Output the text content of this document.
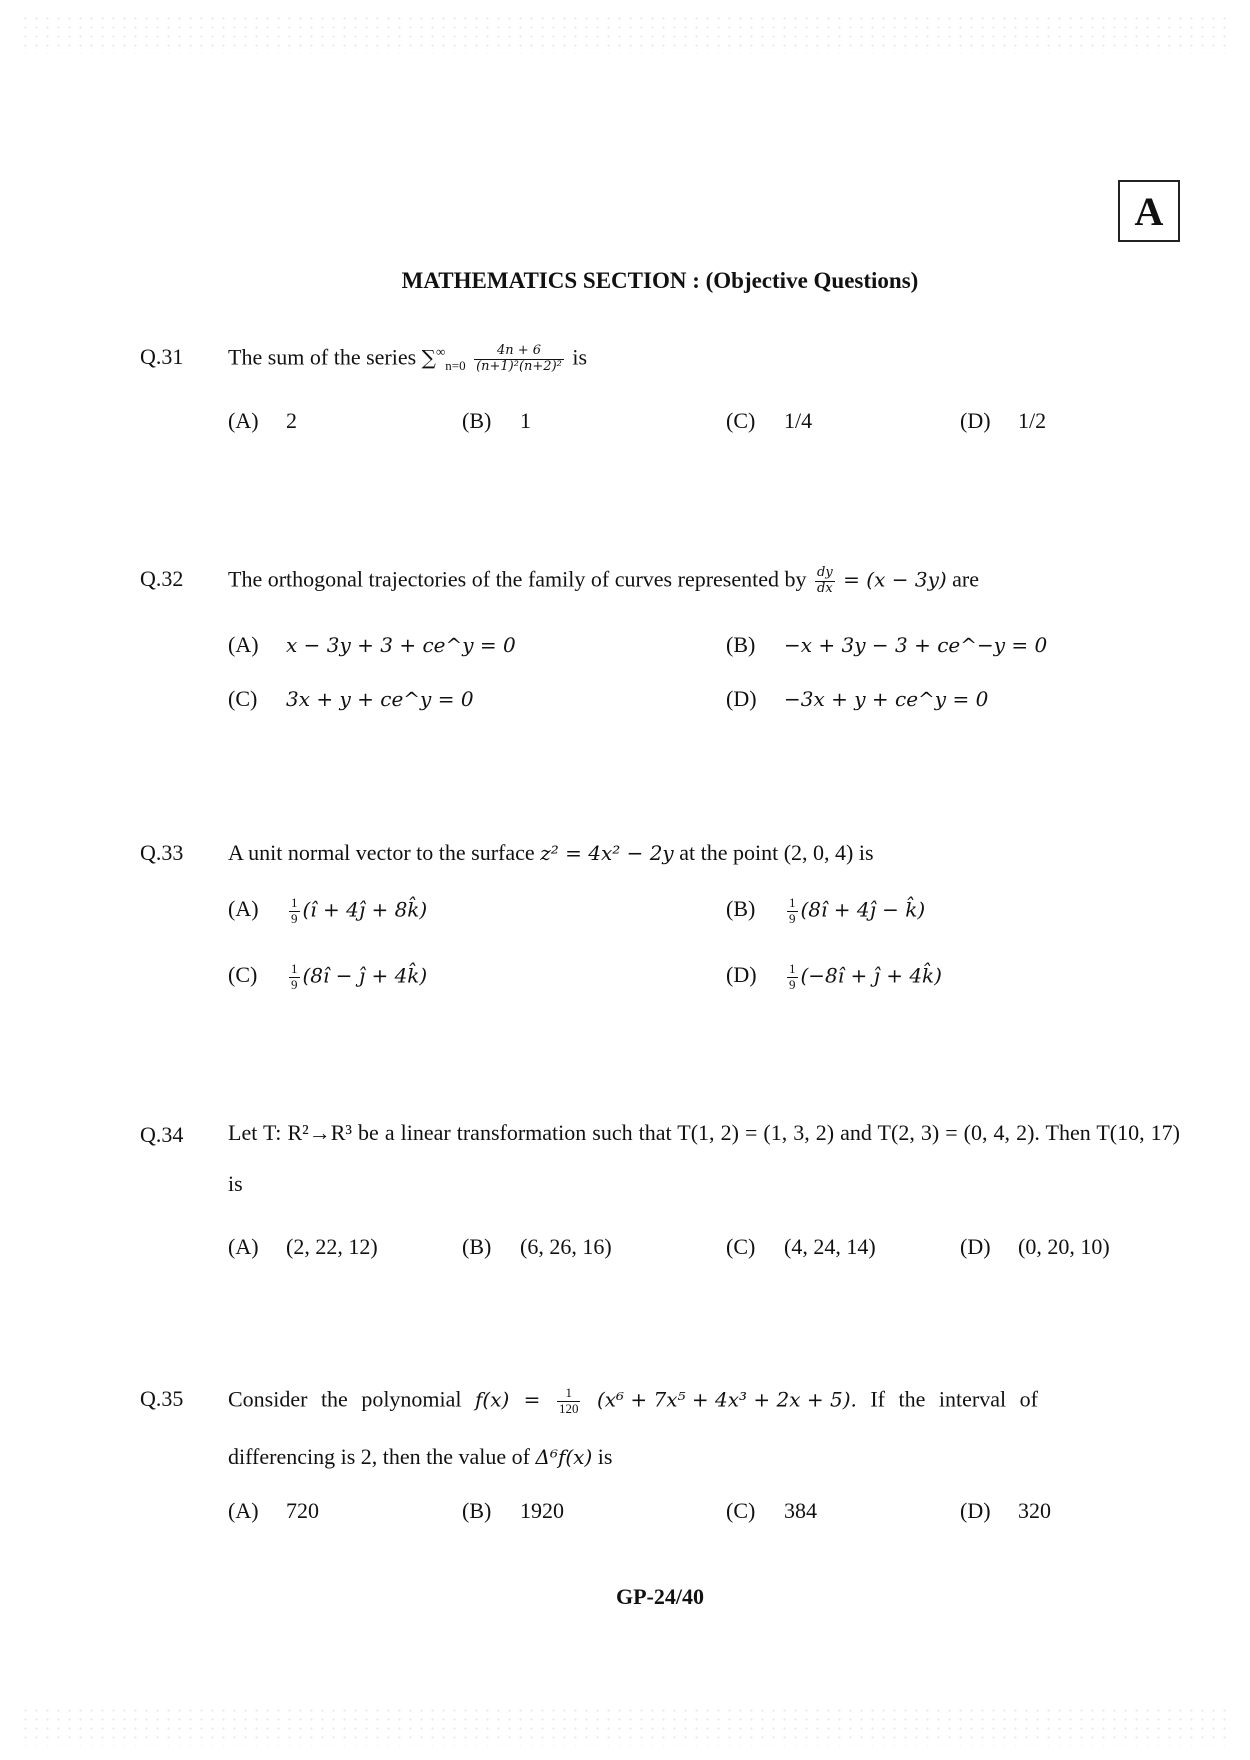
A
MATHEMATICS SECTION : (Objective Questions)
Q.31 The sum of the series $\sum^\infty_{n=0} \frac{4n + 6}{\text{(n+1)²(n+2)²}}$ is
(A) 2	(B) 1	(C) 1/4	(D) 1/2
Q.32 The orthogonal trajectories of the family of curves represented by $\frac{dy}{dx} = (x - 3y)$ are
(A) x − 3y + 3 + ce^y = 0	(B) −x + 3y − 3 + ce^−y = 0
(C) 3x + y + ce^y = 0	(D) −3x + y + ce^y = 0
Q.33 A unit normal vector to the surface z² = 4x² − 2y at the point (2, 0, 4) is
$(A) \frac{1}{9}$ (î + 4ĵ + 8k̂)	$(B) \frac{1}{9}$ (8î + 4ĵ − k̂)
$(C) \frac{1}{9}$ (8î − ĵ + 4k̂)	$(D) \frac{1}{9}$ (−8î + ĵ + 4k̂)
Q.34 Let T: R²→R³ be a linear transformation such that T(1, 2) = (1, 3, 2) and T(2, 3) = (0, 4, 2). Then T(10, 17) is
(A) (2, 22, 12)	(B) (6, 26, 16)	(C) (4, 24, 14)	(D) (0, 20, 10)
Q.35 Consider the polynomial $f(x) = \frac{1}{120} (x^6 + 7x^5 + 4x^3 + 2x + 5)$. If the interval of
differencing is 2, then the value of Δ⁶f(x) is
(A) 720	(B) 1920	(C) 384	(D) 320
GP-24/40
